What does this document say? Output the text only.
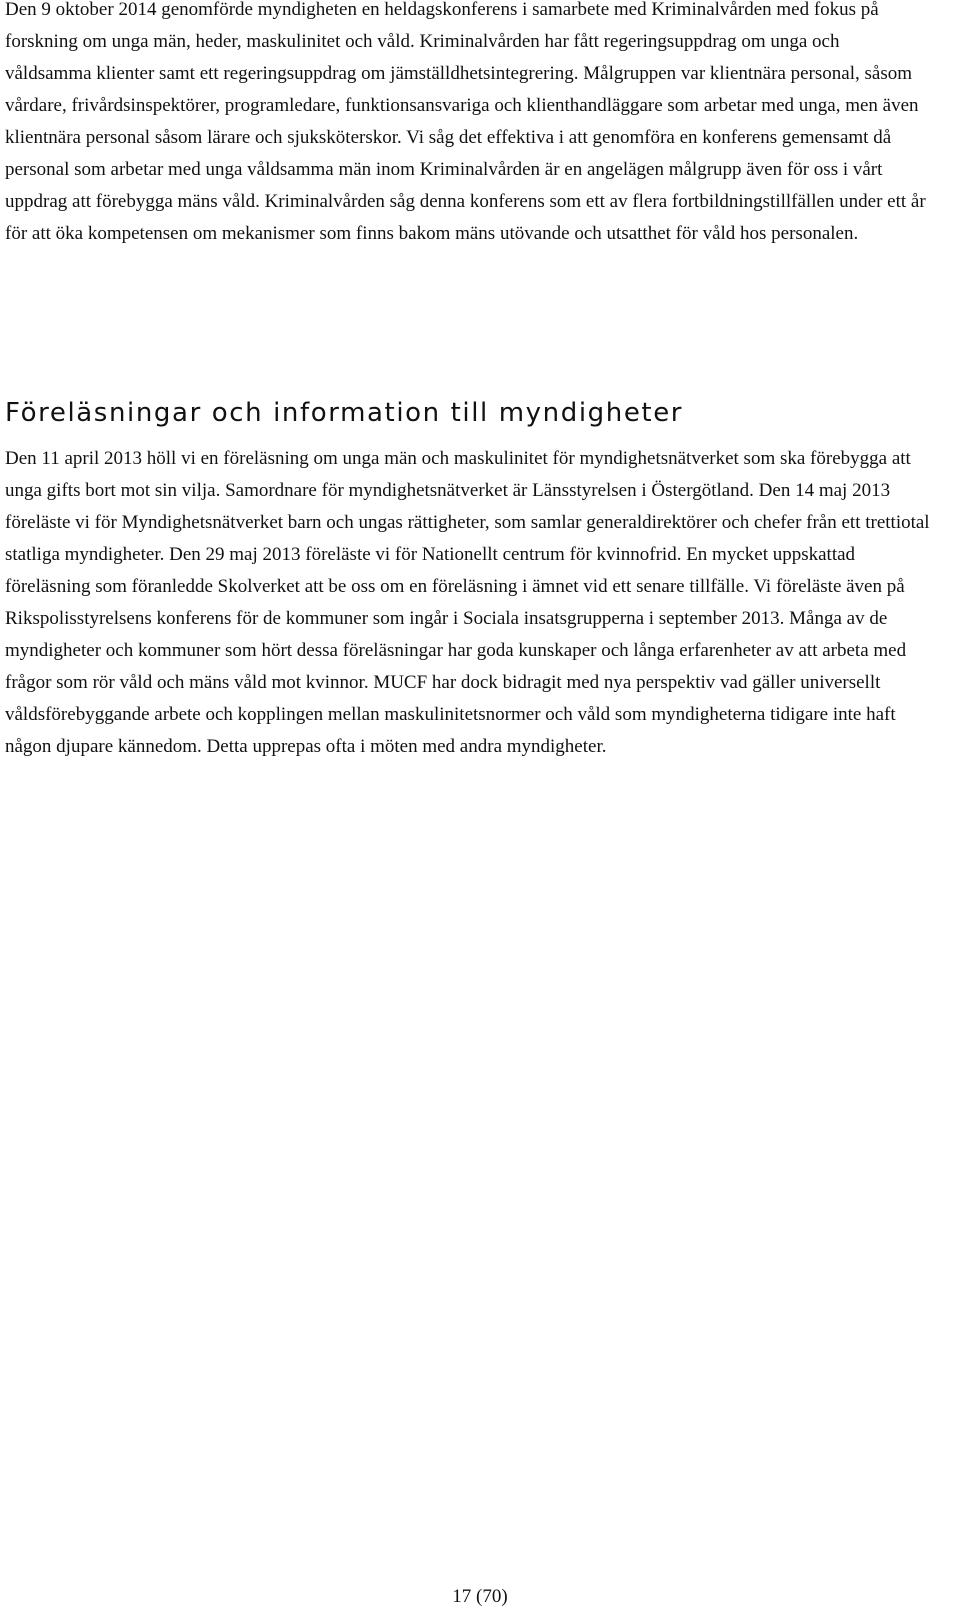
Den 9 oktober 2014 genomförde myndigheten en heldagskonferens i samarbete med Kriminalvården med fokus på forskning om unga män, heder, maskulinitet och våld. Kriminalvården har fått regeringsuppdrag om unga och våldsamma klienter samt ett regeringsuppdrag om jämställdhetsintegrering. Målgruppen var klientnära personal, såsom vårdare, frivårdsinspektörer, programledare, funktionsansvariga och klienthandläggare som arbetar med unga, men även klientnära personal såsom lärare och sjuksköterskor. Vi såg det effektiva i att genomföra en konferens gemensamt då personal som arbetar med unga våldsamma män inom Kriminalvården är en angelägen målgrupp även för oss i vårt uppdrag att förebygga mäns våld. Kriminalvården såg denna konferens som ett av flera fortbildningstillfällen under ett år för att öka kompetensen om mekanismer som finns bakom mäns utövande och utsatthet för våld hos personalen.

Föreläsningar och information till myndigheter

Den 11 april 2013 höll vi en föreläsning om unga män och maskulinitet för myndighetsnätverket som ska förebygga att unga gifts bort mot sin vilja. Samordnare för myndighetsnätverket är Länsstyrelsen i Östergötland. Den 14 maj 2013 föreläste vi för Myndighetsnätverket barn och ungas rättigheter, som samlar generaldirektörer och chefer från ett trettiotal statliga myndigheter. Den 29 maj 2013 föreläste vi för Nationellt centrum för kvinnofrid. En mycket uppskattad föreläsning som föranledde Skolverket att be oss om en föreläsning i ämnet vid ett senare tillfälle. Vi föreläste även på Rikspolisstyrelsens konferens för de kommuner som ingår i Sociala insatsgrupperna i september 2013. Många av de myndigheter och kommuner som hört dessa föreläsningar har goda kunskaper och långa erfarenheter av att arbeta med frågor som rör våld och mäns våld mot kvinnor. MUCF har dock bidragit med nya perspektiv vad gäller universellt våldsförebyggande arbete och kopplingen mellan maskulinitetsnormer och våld som myndigheterna tidigare inte haft någon djupare kännedom. Detta upprepas ofta i möten med andra myndigheter.

17 (70)
